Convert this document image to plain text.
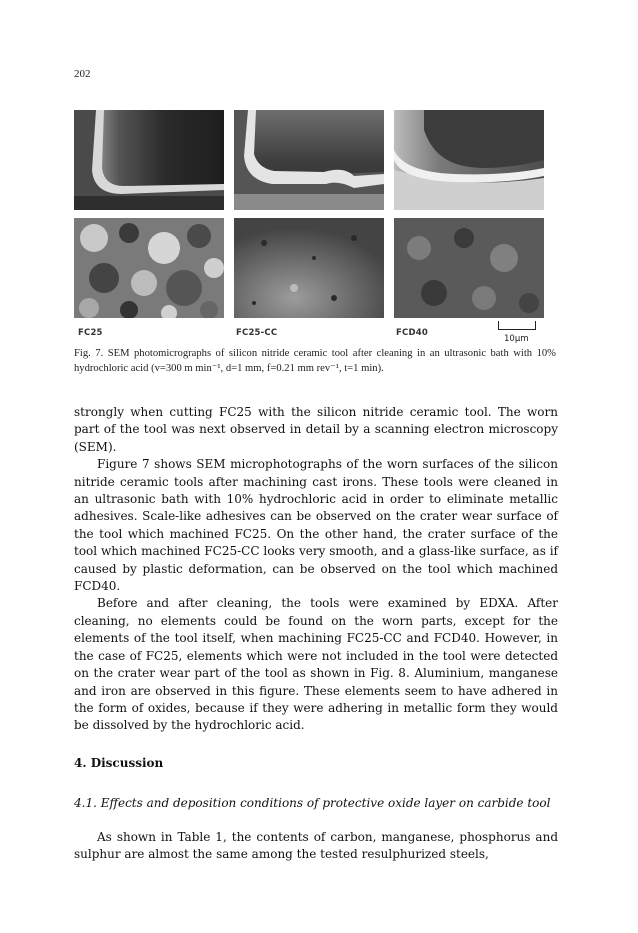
202
FC25	FC25-CC	FCD40
10μm
Fig. 7. SEM photomicrographs of silicon nitride ceramic tool after cleaning in an ultrasonic bath with 10% hydrochloric acid (v=300 m min⁻¹, d=1 mm, f=0.21 mm rev⁻¹, t=1 min).

strongly when cutting FC25 with the silicon nitride ceramic tool. The worn part of the tool was next observed in detail by a scanning electron microscopy (SEM).

Figure 7 shows SEM microphotographs of the worn surfaces of the silicon nitride ceramic tools after machining cast irons. These tools were cleaned in an ultrasonic bath with 10% hydrochloric acid in order to eliminate metallic adhesives. Scale-like adhesives can be observed on the crater wear surface of the tool which machined FC25. On the other hand, the crater surface of the tool which machined FC25-CC looks very smooth, and a glass-like surface, as if caused by plastic deformation, can be observed on the tool which machined FCD40.

Before and after cleaning, the tools were examined by EDXA. After cleaning, no elements could be found on the worn parts, except for the elements of the tool itself, when machining FC25-CC and FCD40. However, in the case of FC25, elements which were not included in the tool were detected on the crater wear part of the tool as shown in Fig. 8. Aluminium, manganese and iron are observed in this figure. These elements seem to have adhered in the form of oxides, because if they were adhering in metallic form they would be dissolved by the hydrochloric acid.

4. Discussion
4.1. Effects and deposition conditions of protective oxide layer on carbide tool

As shown in Table 1, the contents of carbon, manganese, phosphorus and sulphur are almost the same among the tested resulphurized steels,
